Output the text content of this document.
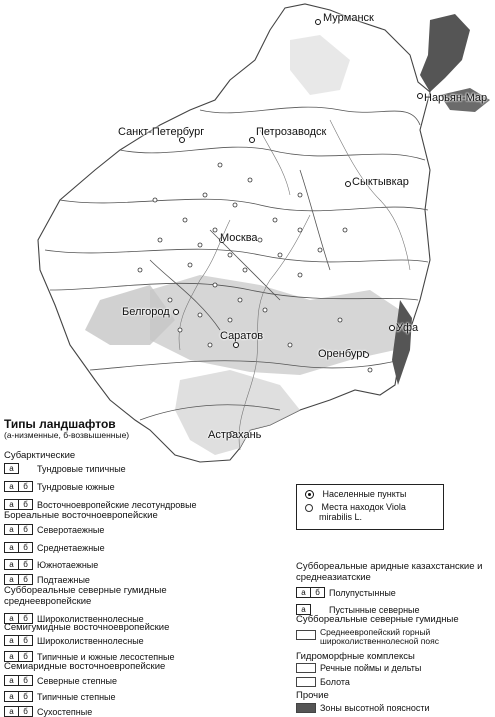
Мурманск
Нарьян-Мар
Санкт-Петербург	Петрозаводск
Сыктывкар
Москва
Белгород
Саратов
Уфа
Оренбург
Астрахань
Типы ландшафтов
(а-низменные, б-возвышенные)
Субарктические
а	Тундровые типичные
а	б	Тундровые южные
а	б	Восточноевропейские лесотундровые
Бореальные восточноевропейские
а	б	Северотаежные
а	б	Среднетаежные
а	б	Южнотаежные
а	б	Подтаежные
Суббореальные северные гумидные среднеевропейские
а	б	Широколиственнолесные
Семигумидные восточноевропейские
а	б	Широколиственнолесные
а	б	Типичные и южные лесостепные
Семиаридные восточноевропейские
а	б	Северные степные
а	б	Типичные степные
а	б	Сухостепные
Населенные пункты
Места находок Viola
mirabilis L.
Суббореальные аридные казахстанские и среднеазиатские
а	б	Полупустынные
а	Пустынные северные
Суббореальные северные гумидные
Среднеевропейский горный широколиственнолесной пояс
Гидроморфные комплексы
Речные поймы и дельты
Болота
Прочие
Зоны высотной поясности
